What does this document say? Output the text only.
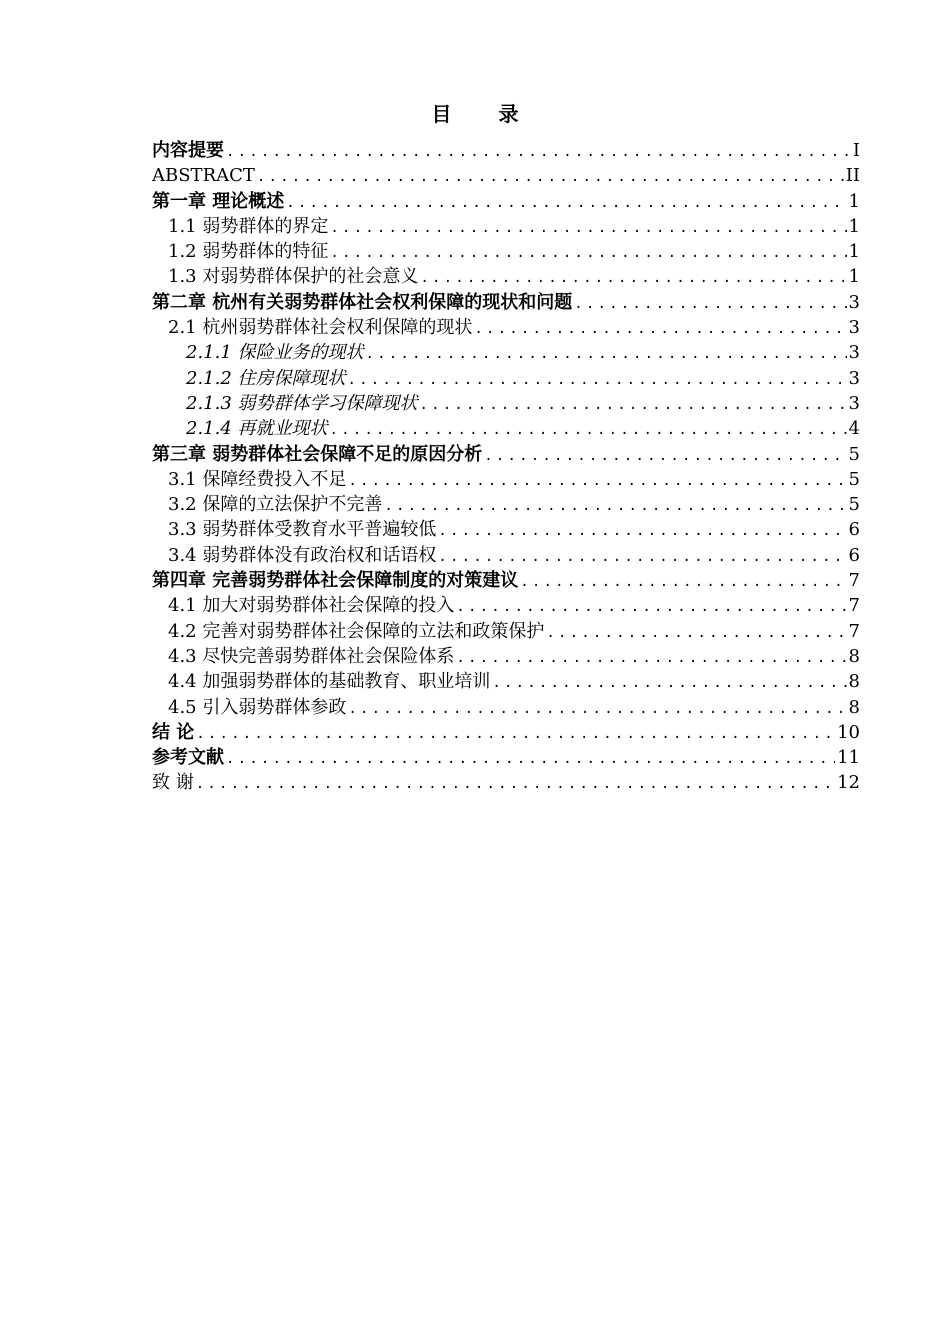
目 录
内容提要 .....	I
ABSTRACT .....	II
第一章 理论概述 .....	1
1.1 弱势群体的界定 .....	1
1.2 弱势群体的特征 .....	1
1.3 对弱势群体保护的社会意义 .....	1
第二章 杭州有关弱势群体社会权利保障的现状和问题 .....	3
2.1 杭州弱势群体社会权利保障的现状 .....	3
2.1.1 保险业务的现状 .....	3
2.1.2 住房保障现状 .....	3
2.1.3 弱势群体学习保障现状 .....	3
2.1.4 再就业现状 .....	4
第三章 弱势群体社会保障不足的原因分析 .....	5
3.1 保障经费投入不足 .....	5
3.2 保障的立法保护不完善 .....	5
3.3 弱势群体受教育水平普遍较低 .....	6
3.4 弱势群体没有政治权和话语权 .....	6
第四章 完善弱势群体社会保障制度的对策建议 .....	7
4.1 加大对弱势群体社会保障的投入 .....	7
4.2 完善对弱势群体社会保障的立法和政策保护 .....	7
4.3 尽快完善弱势群体社会保险体系 .....	8
4.4 加强弱势群体的基础教育、职业培训 .....	8
4.5 引入弱势群体参政 .....	8
结 论 .....	10
参考文献 .....	11
致 谢 .....	12
